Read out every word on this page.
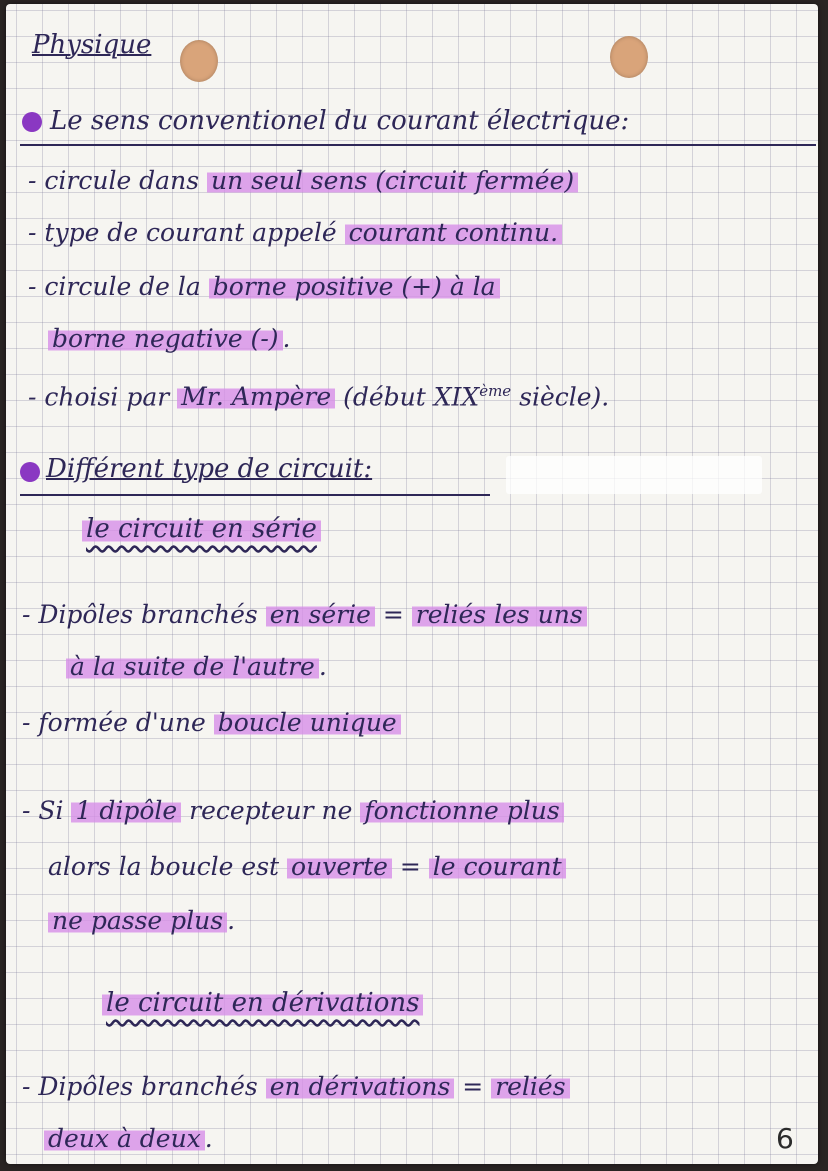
Physique
Le sens conventionel du courant électrique:
- circule dans un seul sens (circuit fermée)
- type de courant appelé courant continu.
- circule de la borne positive (+) à la
borne negative (-) .
- choisi par Mr. Ampère (début XIXème siècle).
Différent type de circuit:
le circuit en série
- Dipôles branchés en série = reliés les uns
à la suite de l'autre .
- formée d'une boucle unique
- Si 1 dipôle recepteur ne fonctionne plus
alors la boucle est ouverte = le courant
ne passe plus .
le circuit en dérivations
- Dipôles branchés en dérivations = reliés
deux à deux .	6
